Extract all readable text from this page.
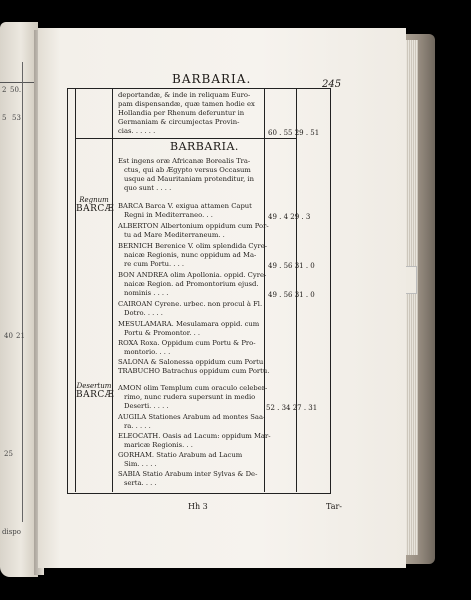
2 50.
5 53
40 21
25
dispo
BARBARIA.	245
deportandæ, & inde in reliquam Euro-
pam dispensandæ, quæ tamen hodie ex
Hollandia per Rhenum deferuntur in
Germaniam & circumjectas Provin-
cias. . . . . .	60 . 55 29 . 51
BARBARIA.
Est ingens oræ Africanæ Borealis Tra-
ctus, qui ab Ægypto versus Occasum
usque ad Mauritaniam protenditur, in
quo sunt . . . .
Regnum
BARCÆ
Desertum
BARCÆ
BARCA Barca V. exigua attamen Caput
Regni in Mediterraneo. . .	49 . 4 29 . 3
ALBERTON Albertonium oppidum cum Por-
tu ad Mare Mediterraneum. .
BERNICH Berenice V. olim splendida Cyre-
naicæ Regionis, nunc oppidum ad Ma-
re cum Portu. . . .	49 . 56 31 . 0
BON ANDREA olim Apollonia. oppid. Cyre-
naicæ Region. ad Promontorium ejusd.
nominis . . . .	49 . 56 31 . 0
CAIROAN Cyrene. urbec. non procul à Fl.
Dotro. . . . .
MESULAMARA. Mesulamara oppid. cum
Portu & Promontor. . .
ROXA Roxa. Oppidum cum Portu & Pro-
montorio. . . .
SALONA & Salonessa oppidum cum Portu.
TRABUCHO Batrachus oppidum cum Portu.
AMON olim Templum cum oraculo celeber-
rimo, nunc rudera supersunt in medio
Deserti. . . . .	52 . 34 27 . 31
AUGILA Stationes Arabum ad montes Saa-
ra. . . . .
ELEOCATH. Oasis ad Lacum: oppidum Mar-
maricæ Regionis. . .
GORHAM. Statio Arabum ad Lacum
Sim. . . . .
SABIA Statio Arabum inter Sylvas & De-
serta. . . .
Hh 3	Tar-
